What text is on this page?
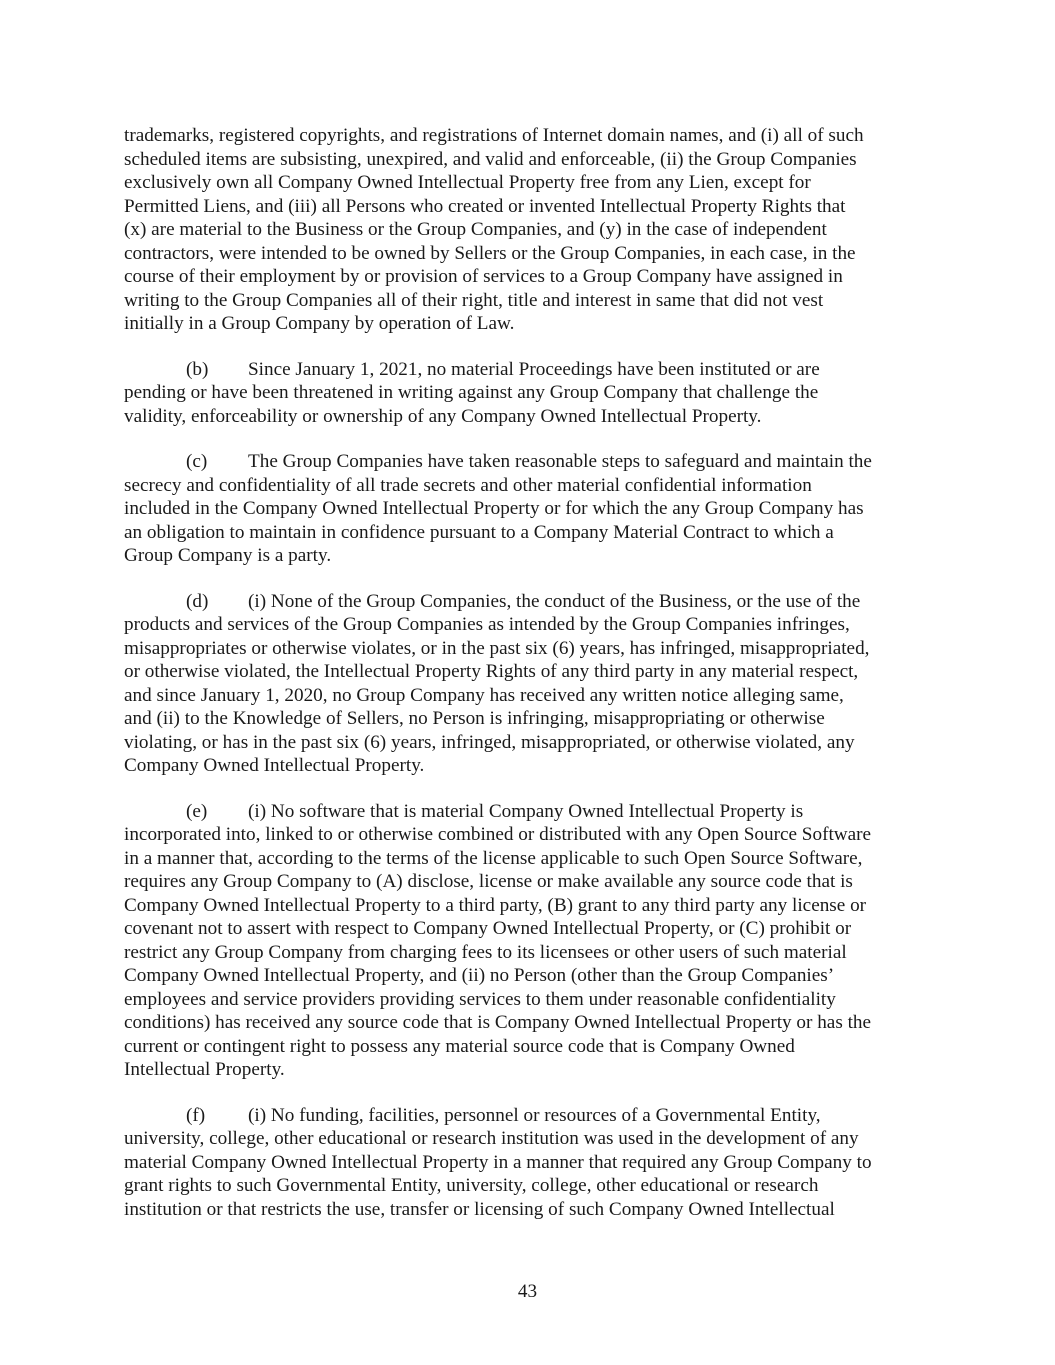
trademarks, registered copyrights, and registrations of Internet domain names, and (i) all of such
scheduled items are subsisting, unexpired, and valid and enforceable, (ii) the Group Companies
exclusively own all Company Owned Intellectual Property free from any Lien, except for
Permitted Liens, and (iii) all Persons who created or invented Intellectual Property Rights that
(x) are material to the Business or the Group Companies, and (y) in the case of independent
contractors, were intended to be owned by Sellers or the Group Companies, in each case, in the
course of their employment by or provision of services to a Group Company have assigned in
writing to the Group Companies all of their right, title and interest in same that did not vest
initially in a Group Company by operation of Law.
(b) Since January 1, 2021, no material Proceedings have been instituted or are
pending or have been threatened in writing against any Group Company that challenge the
validity, enforceability or ownership of any Company Owned Intellectual Property.
(c) The Group Companies have taken reasonable steps to safeguard and maintain the
secrecy and confidentiality of all trade secrets and other material confidential information
included in the Company Owned Intellectual Property or for which the any Group Company has
an obligation to maintain in confidence pursuant to a Company Material Contract to which a
Group Company is a party.
(d) (i) None of the Group Companies, the conduct of the Business, or the use of the
products and services of the Group Companies as intended by the Group Companies infringes,
misappropriates or otherwise violates, or in the past six (6) years, has infringed, misappropriated,
or otherwise violated, the Intellectual Property Rights of any third party in any material respect,
and since January 1, 2020, no Group Company has received any written notice alleging same,
and (ii) to the Knowledge of Sellers, no Person is infringing, misappropriating or otherwise
violating, or has in the past six (6) years, infringed, misappropriated, or otherwise violated, any
Company Owned Intellectual Property.
(e) (i) No software that is material Company Owned Intellectual Property is
incorporated into, linked to or otherwise combined or distributed with any Open Source Software
in a manner that, according to the terms of the license applicable to such Open Source Software,
requires any Group Company to (A) disclose, license or make available any source code that is
Company Owned Intellectual Property to a third party, (B) grant to any third party any license or
covenant not to assert with respect to Company Owned Intellectual Property, or (C) prohibit or
restrict any Group Company from charging fees to its licensees or other users of such material
Company Owned Intellectual Property, and (ii) no Person (other than the Group Companies’
employees and service providers providing services to them under reasonable confidentiality
conditions) has received any source code that is Company Owned Intellectual Property or has the
current or contingent right to possess any material source code that is Company Owned
Intellectual Property.
(f) (i) No funding, facilities, personnel or resources of a Governmental Entity,
university, college, other educational or research institution was used in the development of any
material Company Owned Intellectual Property in a manner that required any Group Company to
grant rights to such Governmental Entity, university, college, other educational or research
institution or that restricts the use, transfer or licensing of such Company Owned Intellectual
43
